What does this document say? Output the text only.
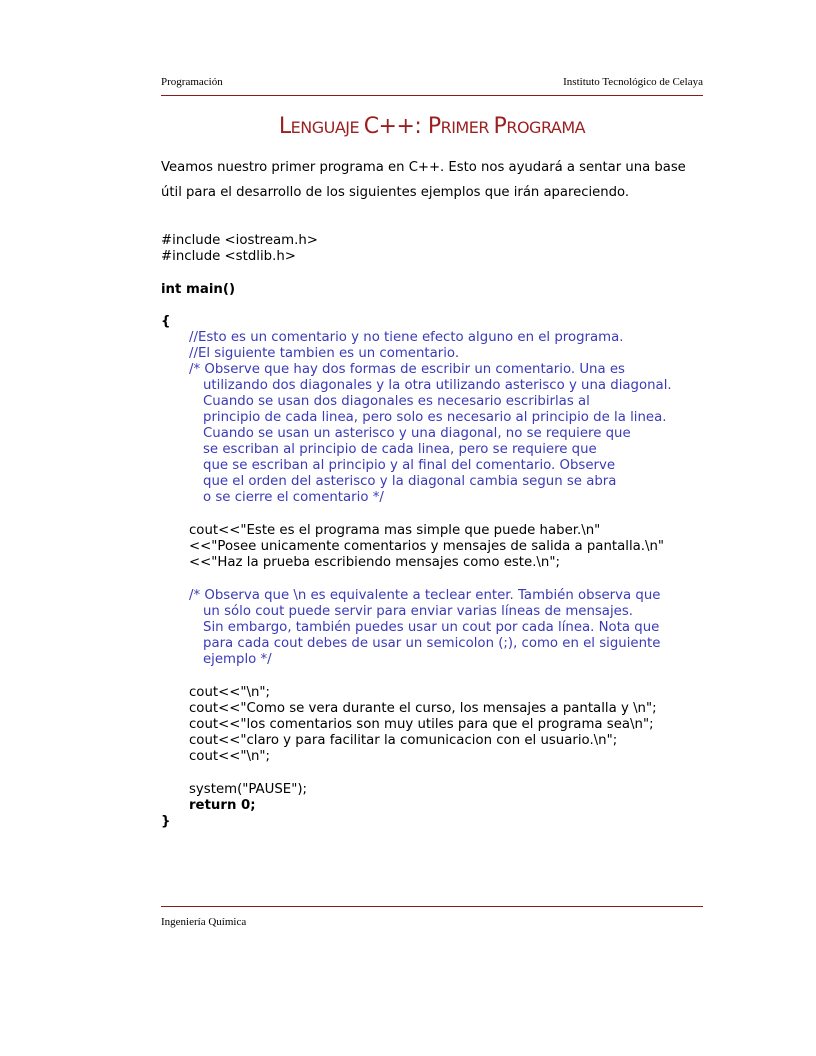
Programación	Instituto Tecnológico de Celaya
LENGUAJE C++: PRIMER PROGRAMA
Veamos nuestro primer programa en C++. Esto nos ayudará a sentar una base
útil para el desarrollo de los siguientes ejemplos que irán apareciendo.
#include <iostream.h>
#include <stdlib.h>
int main()
{
//Esto es un comentario y no tiene efecto alguno en el programa.
//El siguiente tambien es un comentario.
/* Observe que hay dos formas de escribir un comentario. Una es
utilizando dos diagonales y la otra utilizando asterisco y una diagonal.
Cuando se usan dos diagonales es necesario escribirlas al
principio de cada linea, pero solo es necesario al principio de la linea.
Cuando se usan un asterisco y una diagonal, no se requiere que
se escriban al principio de cada linea, pero se requiere que
que se escriban al principio y al final del comentario. Observe
que el orden del asterisco y la diagonal cambia segun se abra
o se cierre el comentario */
cout<<"Este es el programa mas simple que puede haber.\n"
<<"Posee unicamente comentarios y mensajes de salida a pantalla.\n"
<<"Haz la prueba escribiendo mensajes como este.\n";
/* Observa que \n es equivalente a teclear enter. También observa que
un sólo cout puede servir para enviar varias líneas de mensajes.
Sin embargo, también puedes usar un cout por cada línea. Nota que
para cada cout debes de usar un semicolon (;), como en el siguiente
ejemplo */
cout<<"\n";
cout<<"Como se vera durante el curso, los mensajes a pantalla y \n";
cout<<"los comentarios son muy utiles para que el programa sea\n";
cout<<"claro y para facilitar la comunicacion con el usuario.\n";
cout<<"\n";
system("PAUSE");
return 0;
}
Ingeniería Química
